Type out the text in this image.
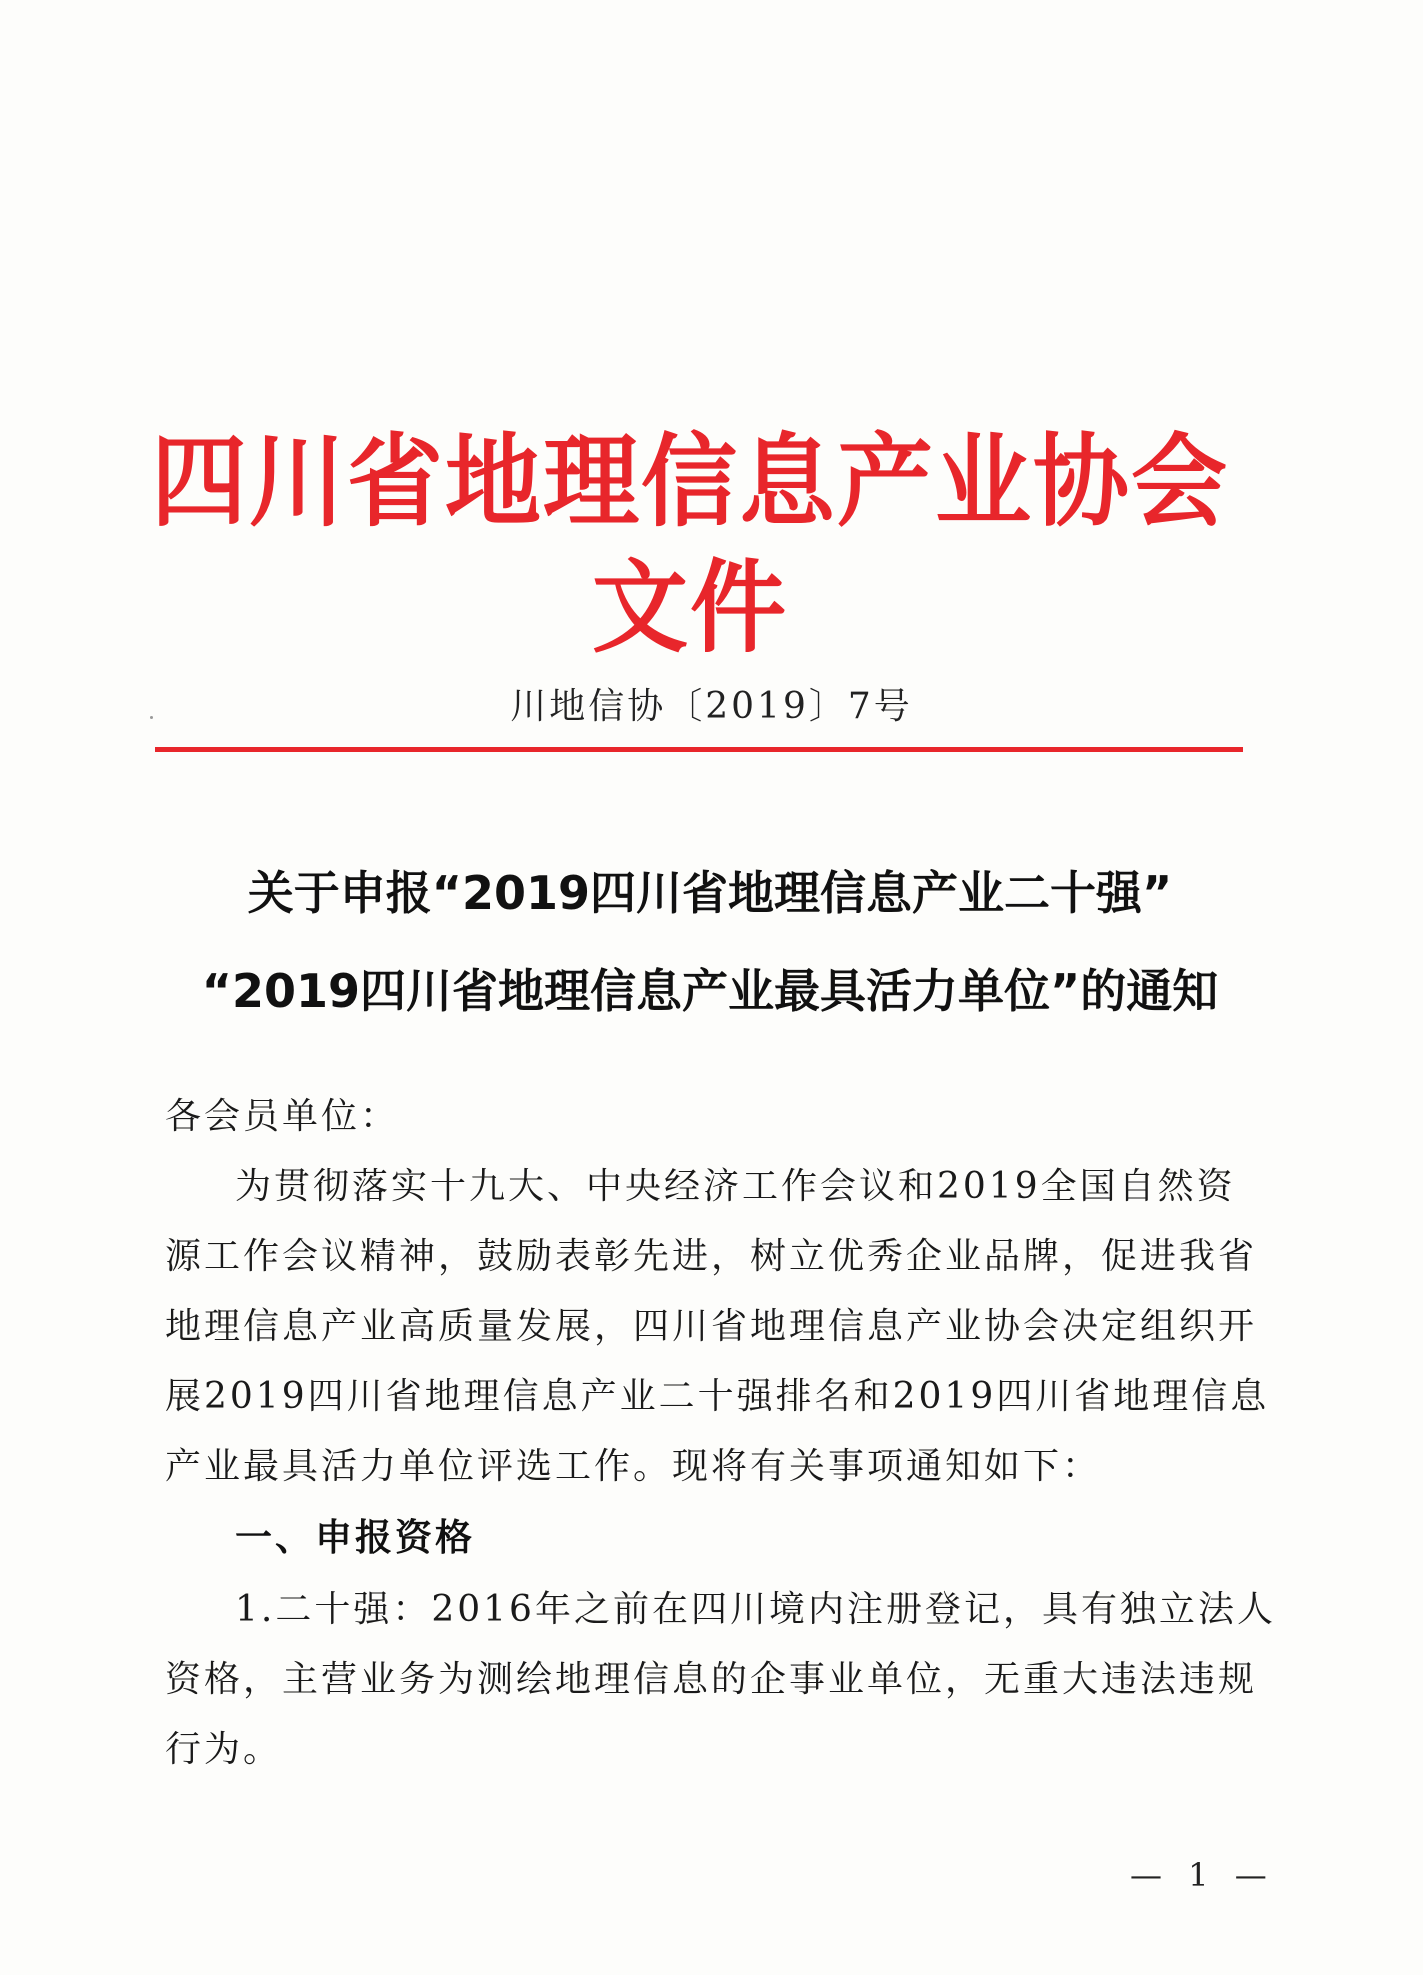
四川省地理信息产业协会文件
川地信协〔2019〕7号
关于申报“2019四川省地理信息产业二十强”
“2019四川省地理信息产业最具活力单位”的通知
各会员单位：
为贯彻落实十九大、中央经济工作会议和2019全国自然资
源工作会议精神，鼓励表彰先进，树立优秀企业品牌，促进我省
地理信息产业高质量发展，四川省地理信息产业协会决定组织开
展2019四川省地理信息产业二十强排名和2019四川省地理信息
产业最具活力单位评选工作。现将有关事项通知如下：
一、申报资格
1.二十强：2016年之前在四川境内注册登记，具有独立法人
资格，主营业务为测绘地理信息的企事业单位，无重大违法违规
行为。
— 1 —
